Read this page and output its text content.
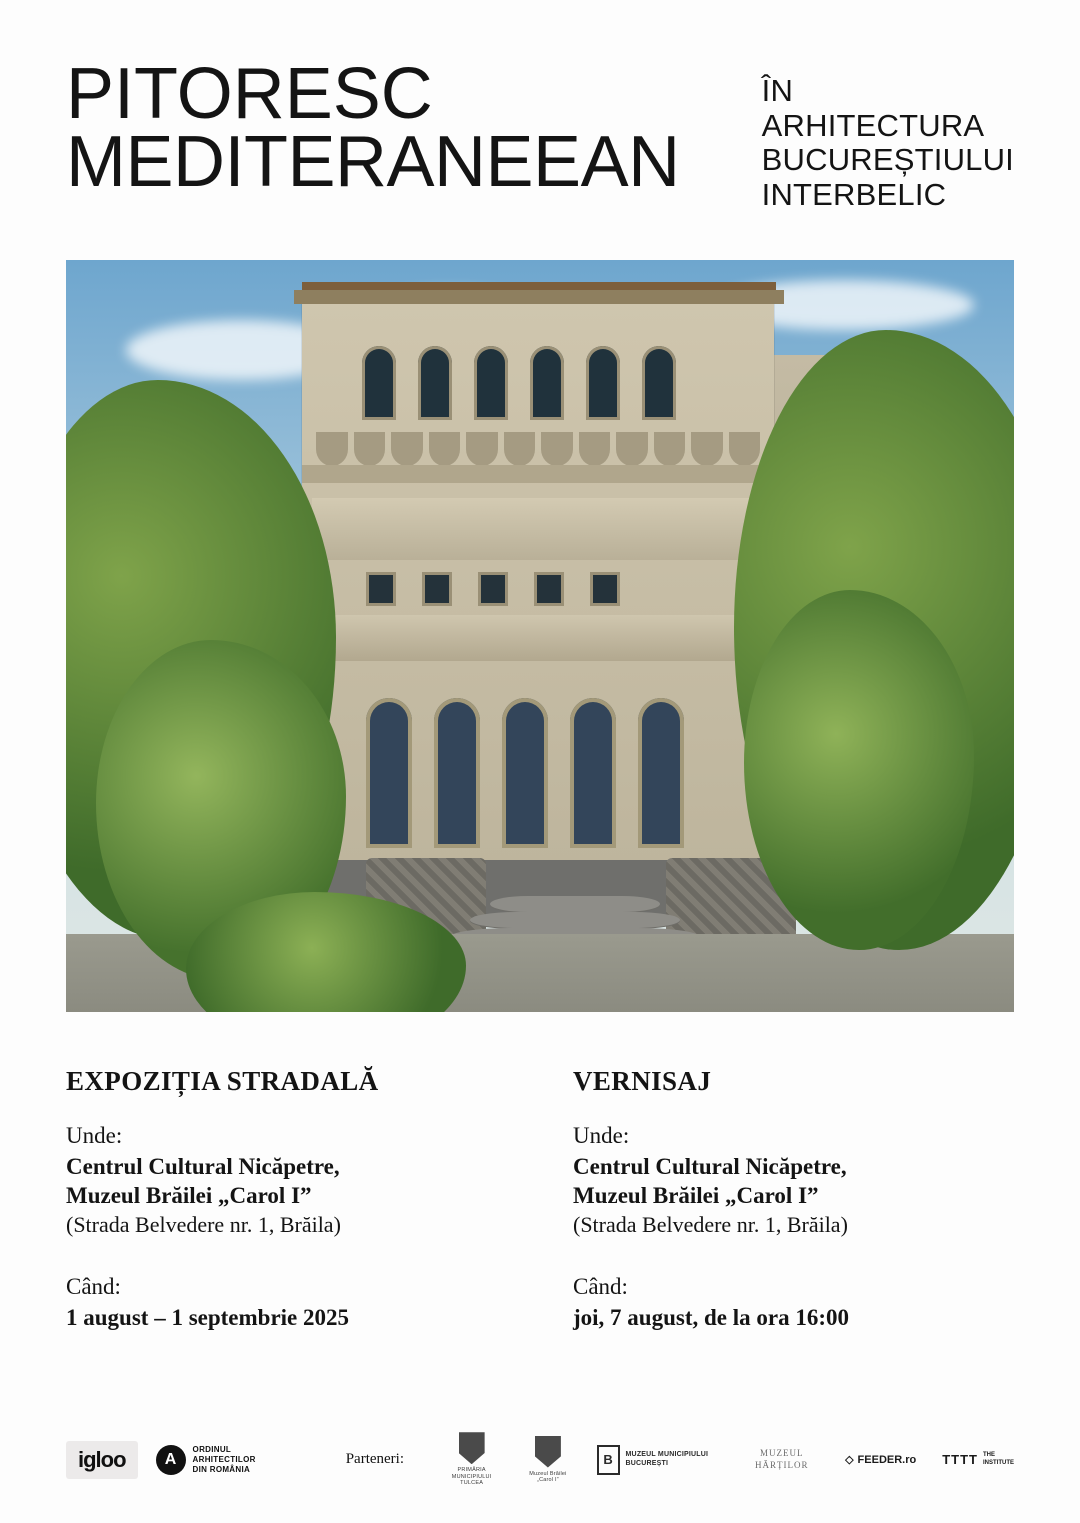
PITORESC
MEDITERANEEAN
ÎN
ARHITECTURA
BUCUREȘTIULUI
INTERBELIC
EXPOZIȚIA STRADALĂ

Unde:

Centrul Cultural Nicăpetre,

Muzeul Brăilei „Carol I”

(Strada Belvedere nr. 1, Brăila)

Când:

1 august – 1 septembrie 2025

VERNISAJ

Unde:

Centrul Cultural Nicăpetre,

Muzeul Brăilei „Carol I”

(Strada Belvedere nr. 1, Brăila)

Când:

joi, 7 august, de la ora 16:00

igloo	A
ORDINUL
ARHITECTILOR
DIN ROMÂNIA
Parteneri:
PRIMĂRIA MUNICIPIULUI TULCEA
Muzeul Brăilei „Carol I”
B	MUZEUL MUNICIPIULUI BUCUREȘTI
MUZEUL HĂRȚILOR	◇ FEEDER.ro TTTT THE INSTITUTE
